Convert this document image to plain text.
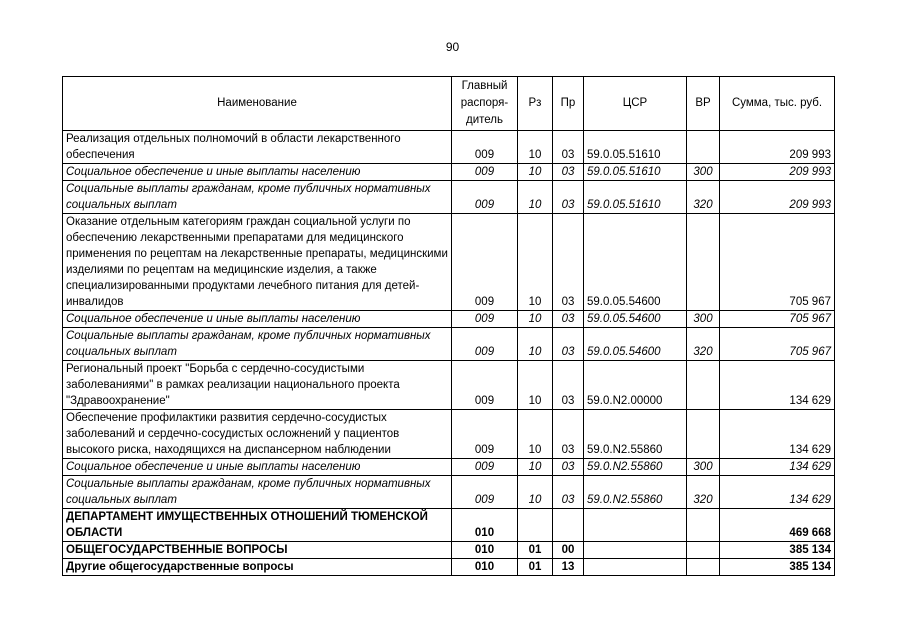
90
Наименование	Главный распоря-дитель	Рз	Пр	ЦСР	ВР	Сумма, тыс. руб.
Реализация отдельных полномочий в области лекарственного обеспечения	009	10	03	59.0.05.51610		209 993
Социальное обеспечение и иные выплаты населению	009	10	03	59.0.05.51610	300	209 993
Социальные выплаты гражданам, кроме публичных нормативных социальных выплат	009	10	03	59.0.05.51610	320	209 993
Оказание отдельным категориям граждан социальной услуги по обеспечению лекарственными препаратами для медицинского применения по рецептам на лекарственные препараты, медицинскими изделиями по рецептам на медицинские изделия, а также специализированными продуктами лечебного питания для детей-инвалидов	009	10	03	59.0.05.54600		705 967
Социальное обеспечение и иные выплаты населению	009	10	03	59.0.05.54600	300	705 967
Социальные выплаты гражданам, кроме публичных нормативных социальных выплат	009	10	03	59.0.05.54600	320	705 967
Региональный проект "Борьба с сердечно-сосудистыми заболеваниями" в рамках реализации национального проекта "Здравоохранение"	009	10	03	59.0.N2.00000		134 629
Обеспечение профилактики развития сердечно-сосудистых заболеваний и сердечно-сосудистых осложнений у пациентов высокого риска, находящихся на диспансерном наблюдении	009	10	03	59.0.N2.55860		134 629
Социальное обеспечение и иные выплаты населению	009	10	03	59.0.N2.55860	300	134 629
Социальные выплаты гражданам, кроме публичных нормативных социальных выплат	009	10	03	59.0.N2.55860	320	134 629
ДЕПАРТАМЕНТ ИМУЩЕСТВЕННЫХ ОТНОШЕНИЙ ТЮМЕНСКОЙ ОБЛАСТИ	010					469 668
ОБЩЕГОСУДАРСТВЕННЫЕ ВОПРОСЫ	010	01	00			385 134
Другие общегосударственные вопросы	010	01	13			385 134
